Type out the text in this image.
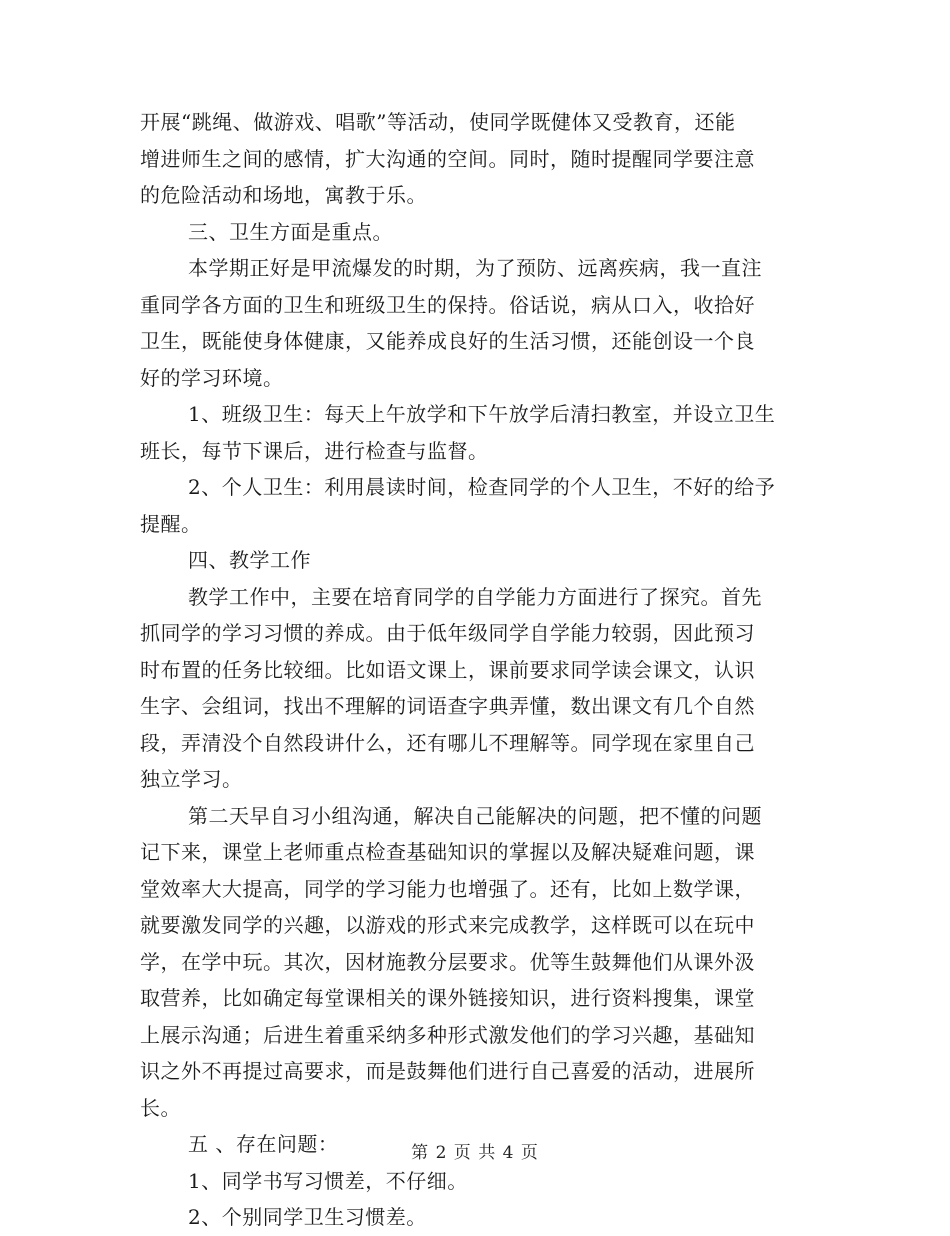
开展“跳绳、做游戏、唱歌”等活动，使同学既健体又受教育，还能
增进师生之间的感情，扩大沟通的空间。同时，随时提醒同学要注意
的危险活动和场地，寓教于乐。
三、卫生方面是重点。
本学期正好是甲流爆发的时期，为了预防、远离疾病，我一直注
重同学各方面的卫生和班级卫生的保持。俗话说，病从口入，收拾好
卫生，既能使身体健康，又能养成良好的生活习惯，还能创设一个良
好的学习环境。
1、班级卫生：每天上午放学和下午放学后清扫教室，并设立卫生
班长，每节下课后，进行检查与监督。
2、个人卫生：利用晨读时间，检查同学的个人卫生，不好的给予
提醒。
四、教学工作
教学工作中，主要在培育同学的自学能力方面进行了探究。首先
抓同学的学习习惯的养成。由于低年级同学自学能力较弱，因此预习
时布置的任务比较细。比如语文课上，课前要求同学读会课文，认识
生字、会组词，找出不理解的词语查字典弄懂，数出课文有几个自然
段，弄清没个自然段讲什么，还有哪儿不理解等。同学现在家里自己
独立学习。
第二天早自习小组沟通，解决自己能解决的问题，把不懂的问题
记下来，课堂上老师重点检查基础知识的掌握以及解决疑难问题，课
堂效率大大提高，同学的学习能力也增强了。还有，比如上数学课，
就要激发同学的兴趣，以游戏的形式来完成教学，这样既可以在玩中
学，在学中玩。其次，因材施教分层要求。优等生鼓舞他们从课外汲
取营养，比如确定每堂课相关的课外链接知识，进行资料搜集，课堂
上展示沟通；后进生着重采纳多种形式激发他们的学习兴趣，基础知
识之外不再提过高要求，而是鼓舞他们进行自己喜爱的活动，进展所
长。
五 、存在问题：
1、同学书写习惯差，不仔细。
2、个别同学卫生习惯差。
第 2 页 共 4 页
